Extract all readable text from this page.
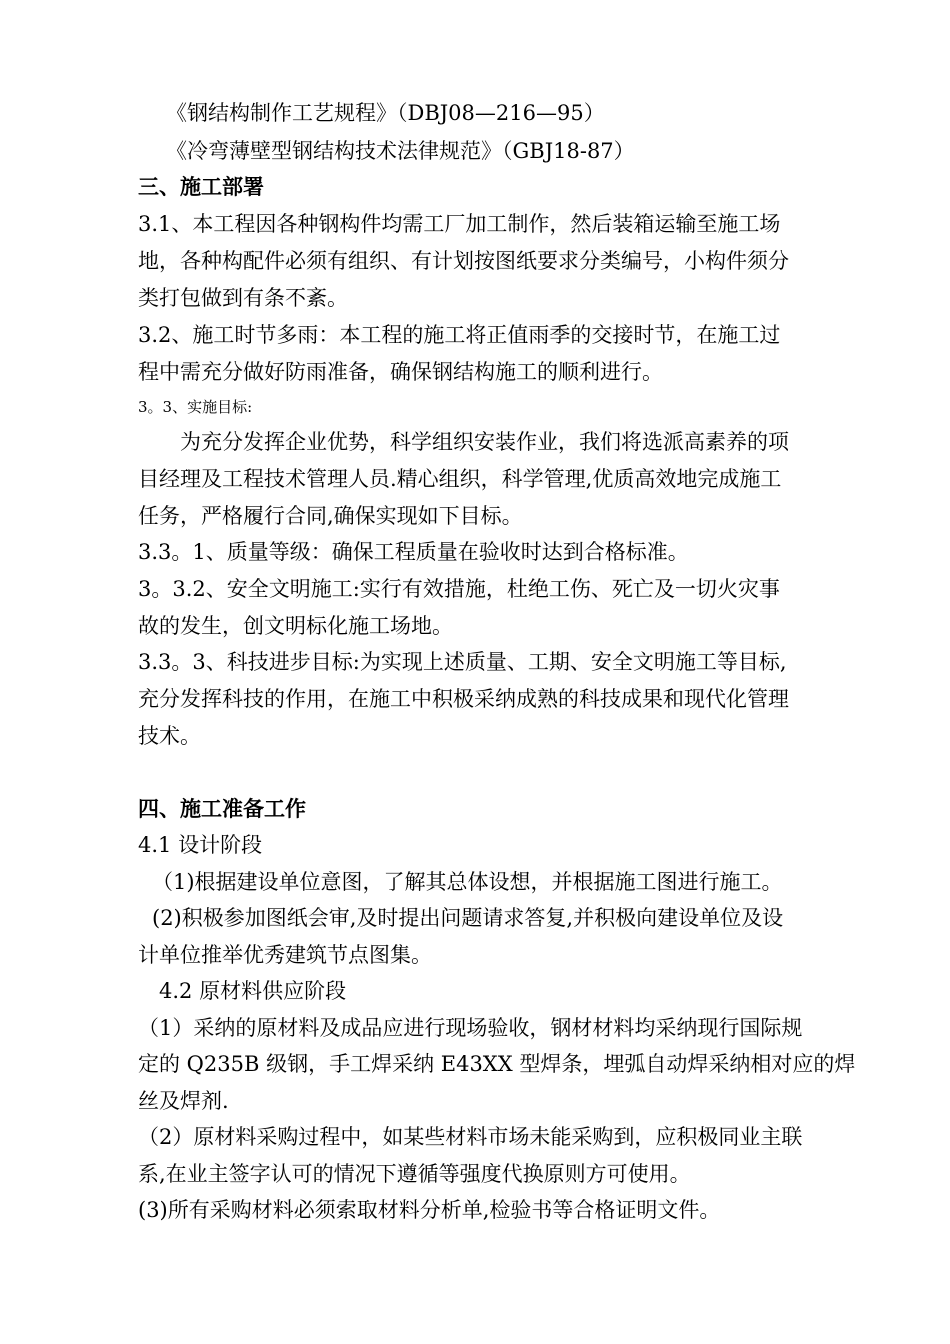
《钢结构制作工艺规程》（DBJ08—216—95）
《冷弯薄壁型钢结构技术法律规范》（GBJ18-87）
三、施工部署
3.1、本工程因各种钢构件均需工厂加工制作，然后装箱运输至施工场
地，各种构配件必须有组织、有计划按图纸要求分类编号，小构件须分
类打包做到有条不紊。
3.2、施工时节多雨：本工程的施工将正值雨季的交接时节，在施工过
程中需充分做好防雨准备，确保钢结构施工的顺利进行。
3。3、实施目标:
为充分发挥企业优势，科学组织安装作业，我们将选派高素养的项
目经理及工程技术管理人员.精心组织，科学管理,优质高效地完成施工
任务，严格履行合同,确保实现如下目标。
3.3。1、质量等级：确保工程质量在验收时达到合格标准。
3。3.2、安全文明施工:实行有效措施，杜绝工伤、死亡及一切火灾事
故的发生，创文明标化施工场地。
3.3。3、科技进步目标:为实现上述质量、工期、安全文明施工等目标,
充分发挥科技的作用，在施工中积极采纳成熟的科技成果和现代化管理
技术。
四、施工准备工作
4.1 设计阶段
（1)根据建设单位意图，了解其总体设想，并根据施工图进行施工。
(2)积极参加图纸会审,及时提出问题请求答复,并积极向建设单位及设
计单位推举优秀建筑节点图集。
4.2 原材料供应阶段
（1）采纳的原材料及成品应进行现场验收，钢材材料均采纳现行国际规
定的 Q235B 级钢，手工焊采纳 E43XX 型焊条，埋弧自动焊采纳相对应的焊
丝及焊剂.
（2）原材料采购过程中，如某些材料市场未能采购到，应积极同业主联
系,在业主签字认可的情况下遵循等强度代换原则方可使用。
(3)所有采购材料必须索取材料分析单,检验书等合格证明文件。
